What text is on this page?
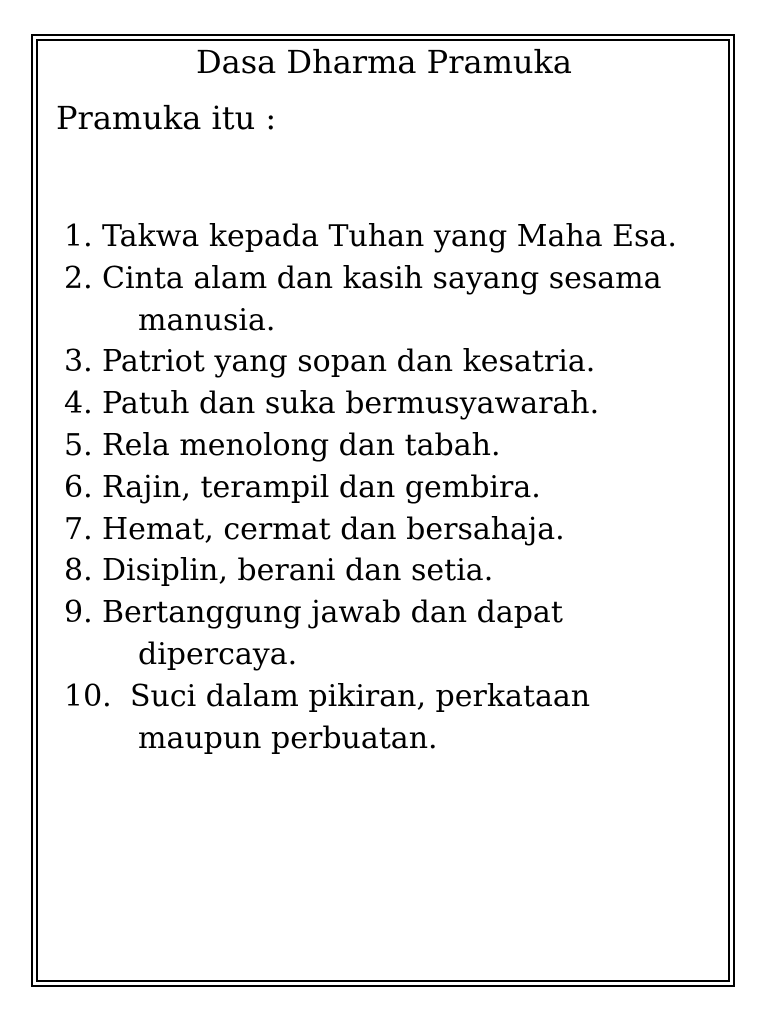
Dasa Dharma Pramuka
Pramuka itu :
1. Takwa kepada Tuhan yang Maha Esa.
2. Cinta alam dan kasih sayang sesama
manusia.
3. Patriot yang sopan dan kesatria.
4. Patuh dan suka bermusyawarah.
5. Rela menolong dan tabah.
6. Rajin, terampil dan gembira.
7. Hemat, cermat dan bersahaja.
8. Disiplin, berani dan setia.
9. Bertanggung jawab dan dapat
dipercaya.
10. Suci dalam pikiran, perkataan
maupun perbuatan.
